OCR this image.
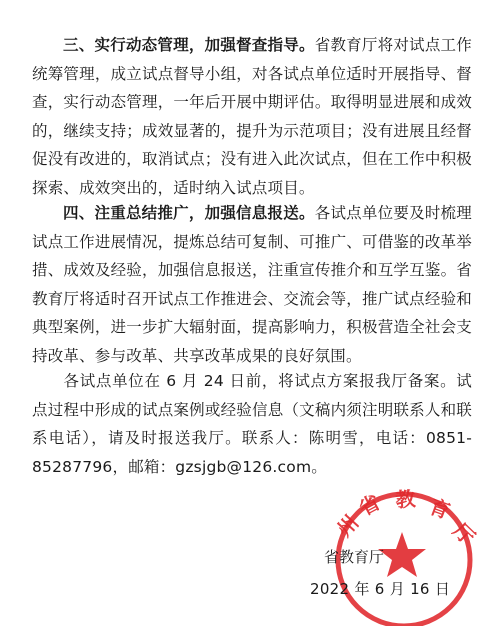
三、实行动态管理，加强督查指导。省教育厅将对试点工作统筹管理，成立试点督导小组，对各试点单位适时开展指导、督查，实行动态管理，一年后开展中期评估。取得明显进展和成效的，继续支持；成效显著的，提升为示范项目；没有进展且经督促没有改进的，取消试点；没有进入此次试点，但在工作中积极探索、成效突出的，适时纳入试点项目。
四、注重总结推广，加强信息报送。各试点单位要及时梳理试点工作进展情况，提炼总结可复制、可推广、可借鉴的改革举措、成效及经验，加强信息报送，注重宣传推介和互学互鉴。省教育厅将适时召开试点工作推进会、交流会等，推广试点经验和典型案例，进一步扩大辐射面，提高影响力，积极营造全社会支持改革、参与改革、共享改革成果的良好氛围。
各试点单位在 6 月 24 日前，将试点方案报我厅备案。试点过程中形成的试点案例或经验信息（文稿内须注明联系人和联系电话），请及时报送我厅。联系人：陈明雪，电话：0851-85287796，邮箱：gzsjgb@126.com。
州
省 教 育
厅
省教育厅
2022 年 6 月 16 日
